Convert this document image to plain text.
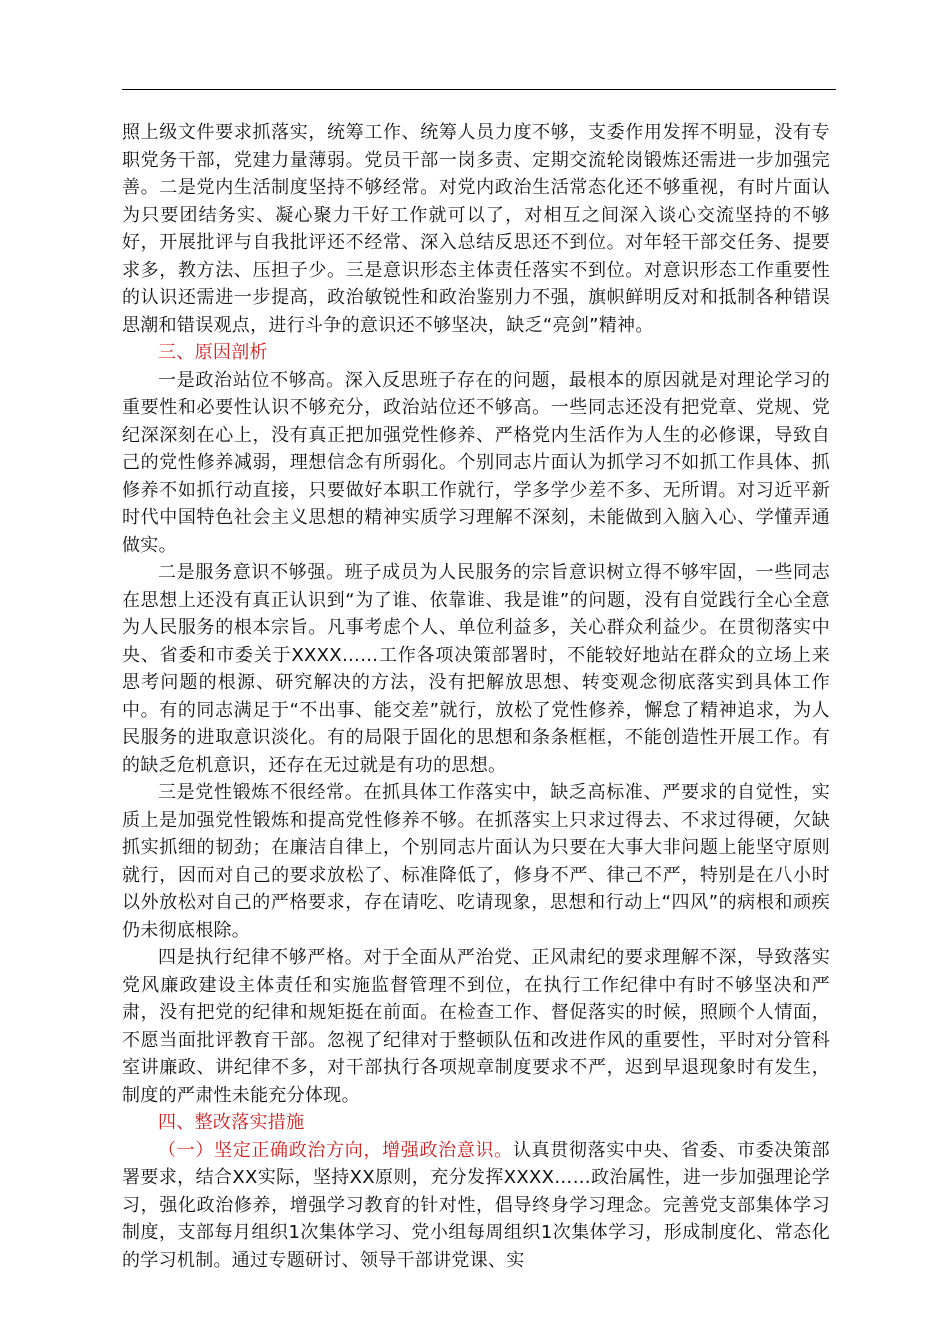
照上级文件要求抓落实，统筹工作、统筹人员力度不够，支委作用发挥不明显，没有专职党务干部，党建力量薄弱。党员干部一岗多责、定期交流轮岗锻炼还需进一步加强完善。二是党内生活制度坚持不够经常。对党内政治生活常态化还不够重视，有时片面认为只要团结务实、凝心聚力干好工作就可以了，对相互之间深入谈心交流坚持的不够好，开展批评与自我批评还不经常、深入总结反思还不到位。对年轻干部交任务、提要求多，教方法、压担子少。三是意识形态主体责任落实不到位。对意识形态工作重要性的认识还需进一步提高，政治敏锐性和政治鉴别力不强，旗帜鲜明反对和抵制各种错误思潮和错误观点，进行斗争的意识还不够坚决，缺乏“亮剑”精神。

三、原因剖析

一是政治站位不够高。深入反思班子存在的问题，最根本的原因就是对理论学习的重要性和必要性认识不够充分，政治站位还不够高。一些同志还没有把党章、党规、党纪深深刻在心上，没有真正把加强党性修养、严格党内生活作为人生的必修课，导致自己的党性修养减弱，理想信念有所弱化。个别同志片面认为抓学习不如抓工作具体、抓修养不如抓行动直接，只要做好本职工作就行，学多学少差不多、无所谓。对习近平新时代中国特色社会主义思想的精神实质学习理解不深刻，未能做到入脑入心、学懂弄通做实。

二是服务意识不够强。班子成员为人民服务的宗旨意识树立得不够牢固，一些同志在思想上还没有真正认识到“为了谁、依靠谁、我是谁”的问题，没有自觉践行全心全意为人民服务的根本宗旨。凡事考虑个人、单位利益多，关心群众利益少。在贯彻落实中央、省委和市委关于XXXX……工作各项决策部署时，不能较好地站在群众的立场上来思考问题的根源、研究解决的方法，没有把解放思想、转变观念彻底落实到具体工作中。有的同志满足于“不出事、能交差”就行，放松了党性修养，懈怠了精神追求，为人民服务的进取意识淡化。有的局限于固化的思想和条条框框，不能创造性开展工作。有的缺乏危机意识，还存在无过就是有功的思想。

三是党性锻炼不很经常。在抓具体工作落实中，缺乏高标准、严要求的自觉性，实质上是加强党性锻炼和提高党性修养不够。在抓落实上只求过得去、不求过得硬，欠缺抓实抓细的韧劲；在廉洁自律上，个别同志片面认为只要在大事大非问题上能坚守原则就行，因而对自己的要求放松了、标准降低了，修身不严、律己不严，特别是在八小时以外放松对自己的严格要求，存在请吃、吃请现象，思想和行动上“四风”的病根和顽疾仍未彻底根除。

四是执行纪律不够严格。对于全面从严治党、正风肃纪的要求理解不深，导致落实党风廉政建设主体责任和实施监督管理不到位，在执行工作纪律中有时不够坚决和严肃，没有把党的纪律和规矩挺在前面。在检查工作、督促落实的时候，照顾个人情面，不愿当面批评教育干部。忽视了纪律对于整顿队伍和改进作风的重要性，平时对分管科室讲廉政、讲纪律不多，对干部执行各项规章制度要求不严，迟到早退现象时有发生，制度的严肃性未能充分体现。

四、整改落实措施

（一）坚定正确政治方向，增强政治意识。认真贯彻落实中央、省委、市委决策部署要求，结合XX实际，坚持XX原则，充分发挥XXXX……政治属性，进一步加强理论学习，强化政治修养，增强学习教育的针对性，倡导终身学习理念。完善党支部集体学习制度，支部每月组织1次集体学习、党小组每周组织1次集体学习，形成制度化、常态化的学习机制。通过专题研讨、领导干部讲党课、实
